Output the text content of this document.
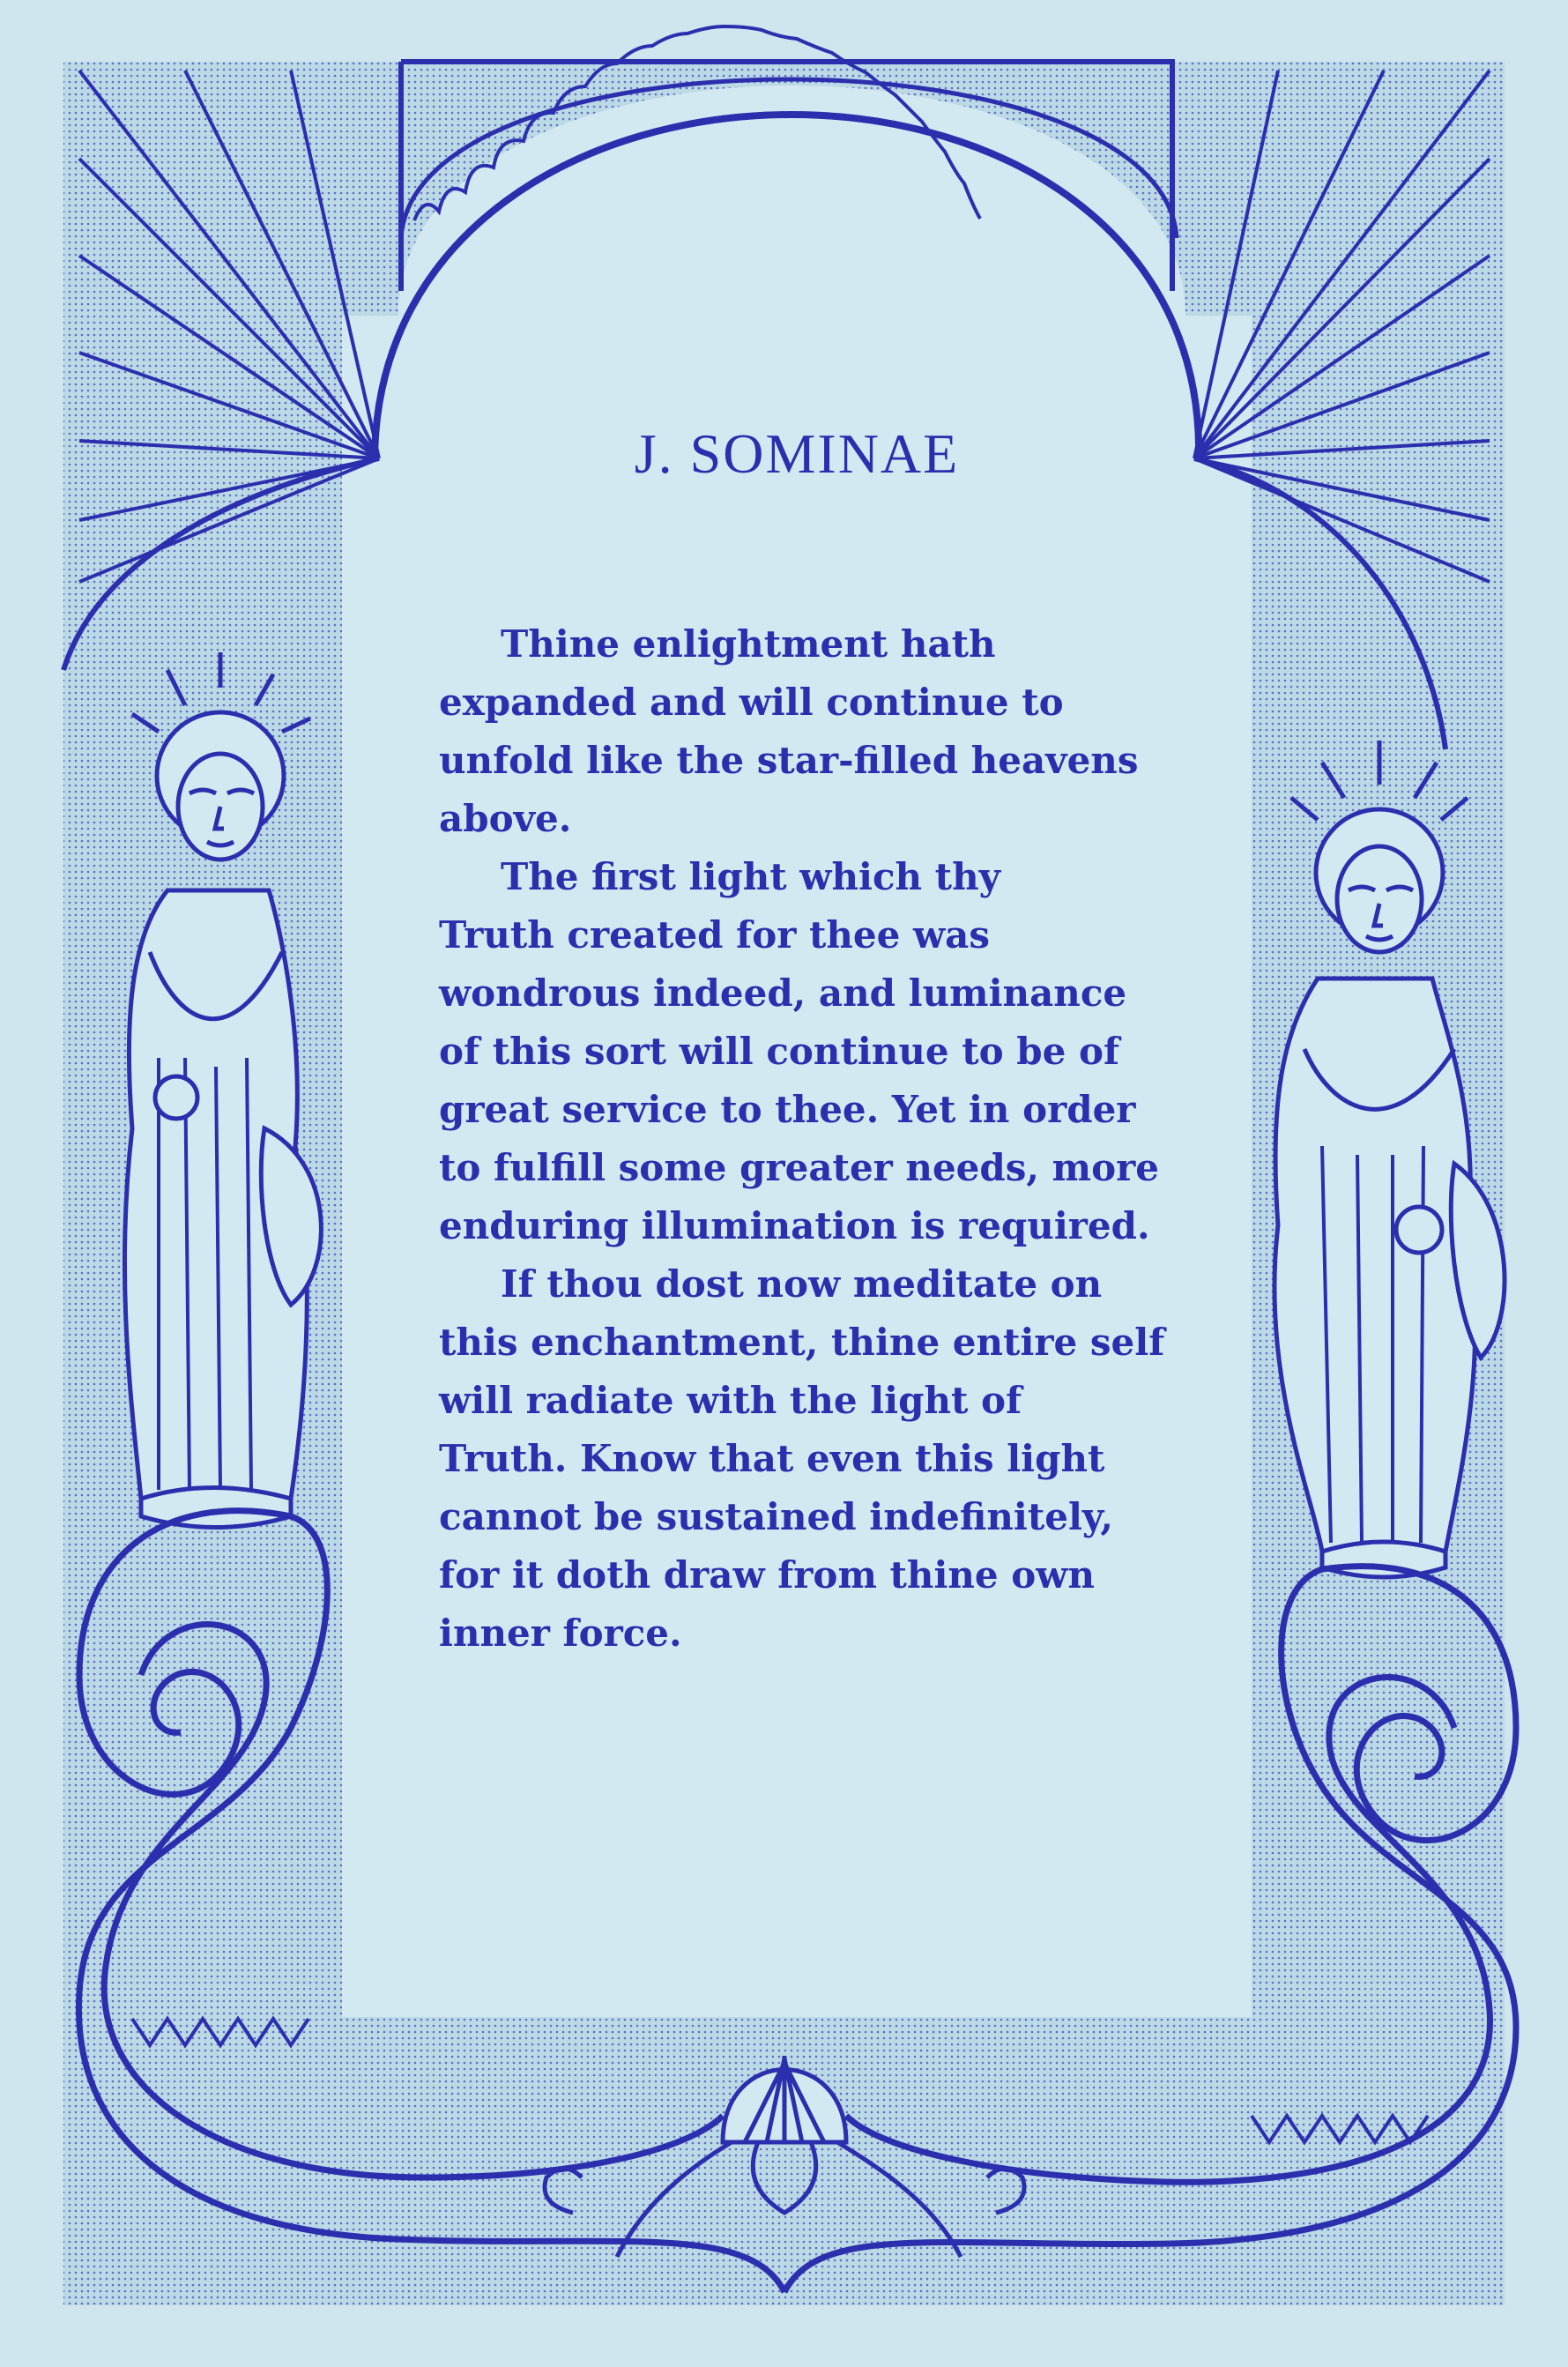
J. SOMINAE

Thine enlightment hath
expanded and will continue to
unfold like the star-filled heavens
above.

The first light which thy
Truth created for thee was
wondrous indeed, and luminance
of this sort will continue to be of
great service to thee. Yet in order
to fulfill some greater needs, more
enduring illumination is required.

If thou dost now meditate on
this enchantment, thine entire self
will radiate with the light of
Truth. Know that even this light
cannot be sustained indefinitely,
for it doth draw from thine own
inner force.
